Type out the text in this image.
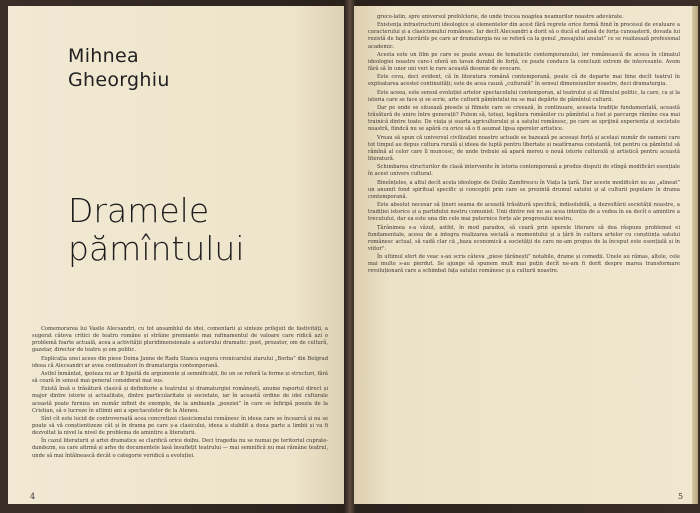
Mihnea
Gheorghiu
Dramele
pămîntului

Comemorarea lui Vasile Alecsandri, cu tot ansamblul de idei, comentarii și sinteze prilejuit de fastivități, a sugerat câteva critici de teatru române și străine premiante mai rafinamentul de valoare care ridică azi o problemă foarte actuală, acea a activității pluridimensionale a autorului dramatic: poet, prozator, om de cultură, gazetar, director de teatru și om politic.

Explicația unei acese din piese Doina Janne de Radu Stanca eugera cronicarului ziarului „Borba” din Belgrad ideea că Alecsandri ar avea continuatori în dramaturgia contemporană.

Astfel înmântat, ipoteza nu ar fi lipsită de argumente și semnificații, fie un se referă la forme și structuri, fără să ceară în sensul mai general considerat mai sus.

Există însă o trăsătură clasică și definitorie a teatrului și dramaturgiei românești, anume raportul direct și major dintre istorie și actualitate, dintre particularitate și societate, iar în această ordine de idei culturale această poate furniza un număr infinit de exemple, de la ambianța „poeziei” în care se înfiripă poezia de la Cristian, să o lucreze în ultimii ani a spectacolelor de la Ateneu.

Sînt cît este lucid de controversată acea concretizei clasicismului românesc în ideea care se încearcă și nu se poate să vă conștientizeze cât și în drama pe care ș-a clasicului, ideea a stabilit a doua parte a limbii și va fi dezvoltat la nivel la nivel de problema de amintire a literaturii.

În cazul literaturii și artei dramatice se clarifică orice doibu. Deci tragedia nu se numai pe teritoriul cuprate-dandezm, ea care afirmă și arhe de documentele lasă însuflețit teatrului — mai semnifică nu mai rămâne teatrul, unde să mai întâlnească decât o categorie veridică a evoluției.

4

greco-latin, spre universul prefolclorie, de unde trecea noaptea neamurilor noastre adevărate.

Existența infrastructurii ideologice și elementelor din acest fără regrete orice formă fiind în procesul de evaluare a caracterului și a clasicismului românesc. Iar decît Alecsandri a dorit să o ducă el adusă de forța cunoașterii, dovada lui rezistă de fapt lucrările pe care ar dramaturgia nu se referă ca la genul „mesajului anulat” ce se realizează profesional academic.

Acesta este un film pe care se poate aveau de tematicile contemporanului, ier românească de aceea în climatul ideologiei noastre care-i oferă un tavan durabil de forță, ce poate conduce la concluzii extrem de interesante. Avem fără să în unor uni veri le rare această desenie de evocare.

Este ceva, deci evident, că în literatura română contemporană, poate că de departe mai bine decît teatrul în exploatarea acestei continuități; este de acea cauză „culturală” în sensul dimensiunilor noastre, deci dramaturgia.

Este aceea, este sensul evoluției artelor spectacolului contemporan, al teatrului și al filmului politic, la care, ca și la istoria care se face și se scrie, arte culturii pămîntului nu se mai depărte de pămîntul culturii.

Dar pe unde se situează piesele și filmele care se creează, în continuare, aceasta tradiție fundamentală, această trăsătură de unire între generații? Putem să, totuși, legătura românilor cu pămîntul a fost și parcurge rămîne cea mai trainică dintre toate. De viața și soarta agricultorului și a satului românesc, pe care se sprijină experiența și societate noastră, fiindcă nu se apără cu orice să o fi asumat lipsa operelor artistice.

Vreau să spun că universul civilizației noastre actuale se bazează pe aceeași forță și același număr de oameni care tot timpul au depus cultura rurală și ideea de luptă pentru libertate și neatîrnarea constantă, tot pentru ca pămîntul să rămînă al celor care îl muncesc, de unde trebuie să apară mereu o nouă istorie culturală și artistică pentru această literatură.

Schimbarea structurilor de clasă intervenite în istoria contemporană a produs disputi de stîngă modificări esențiale în acest univers cultural.

Bineînțeles, a altul decît acela ideologie de Dulău Zamfirescu în Viața la țară. Dar aceste modificări nu au „alineat” un anumit fond spiritual specific și concepții prin care se prezintă drumul satului și al culturii populare în drama contemporană.

Este absolut necesar să țineri seama de această trăsătură specifică, indisolubilă, a dezvoltării societății noastre, a tradiției istorice și a partidului nostru comunist. Unii dintre noi nu au acea intenția de a vedea în ea decît o amintire a trecutului, dar ea este una din cele mai puternice forțe ale progresului nostru.

Țărănimea s-a văzut, astfel, în mod paradox, să ceară prin operele literare să dea răspuns problemei ei fundamentale, aceea de a integra realizarea socială a momentului și a țării în cultura artelor cu conștiința satului românesc actual, să vadă clar că „baza economică a societății de care ne-am propus de la început este esențială și în viitor”.

În ultimul sfert de veac s-au scris câteva „piese țărănești” notabile, drame și comedii. Unele au rămas, altele, cele mai multe s-au pierdut. Se ajunge să spunem mult mai puțin decît ne-am fi dorit despre marea transformare revoluționară care a schimbat fața satului românesc și a culturii noastre.

5
